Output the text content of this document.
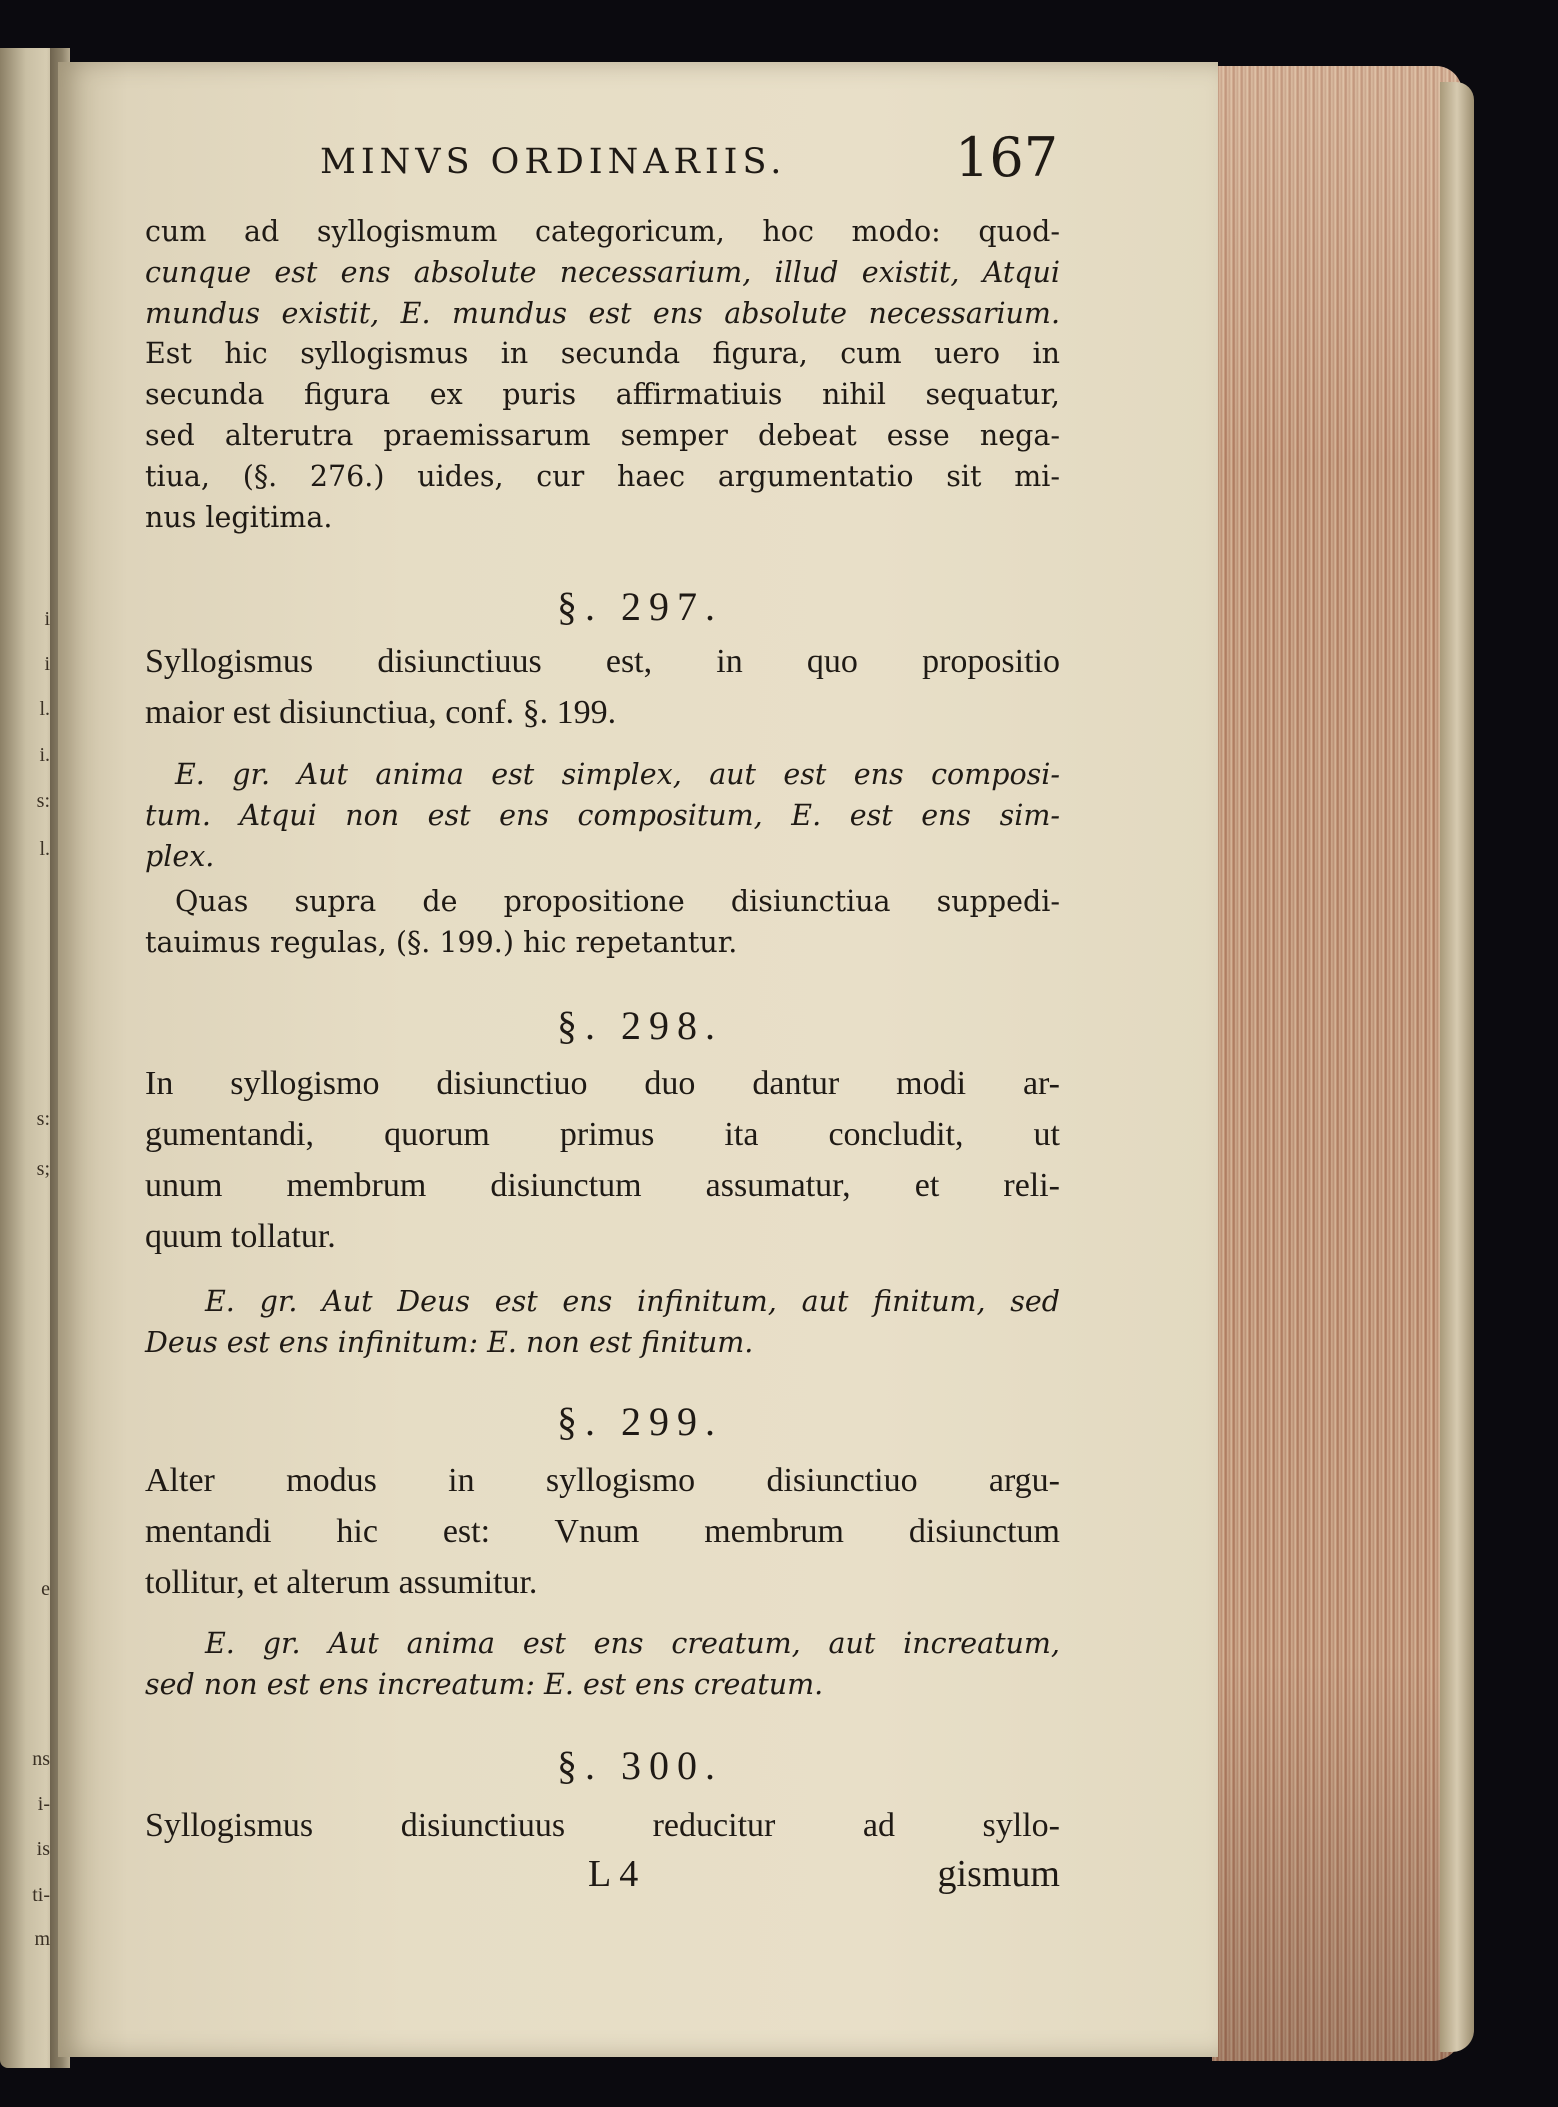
i
i
l.
i.
s:
l.
s:
s;
e
ns
i-
is
ti-
m
MINVS ORDINARIIS.	167
cum ad syllogismum categoricum, hoc modo: quod-
cunque est ens absolute necessarium, illud existit, Atqui
mundus existit, E. mundus est ens absolute necessarium.
Est hic syllogismus in secunda figura, cum uero in
secunda figura ex puris affirmatiuis nihil sequatur,
sed alterutra praemissarum semper debeat esse nega-
tiua, (§. 276.) uides, cur haec argumentatio sit mi-
nus legitima.
§. 297.
Syllogismus disiunctiuus est, in quo propositio
maior est disiunctiua, conf. §. 199.
E. gr. Aut anima est simplex, aut est ens composi-
tum. Atqui non est ens compositum, E. est ens sim-
plex.
Quas supra de propositione disiunctiua suppedi-
tauimus regulas, (§. 199.) hic repetantur.
§. 298.
In syllogismo disiunctiuo duo dantur modi ar-
gumentandi, quorum primus ita concludit, ut
unum membrum disiunctum assumatur, et reli-
quum tollatur.
E. gr. Aut Deus est ens infinitum, aut finitum, sed
Deus est ens infinitum: E. non est finitum.
§. 299.
Alter modus in syllogismo disiunctiuo argu-
mentandi hic est: Vnum membrum disiunctum
tollitur, et alterum assumitur.
E. gr. Aut anima est ens creatum, aut increatum,
sed non est ens increatum: E. est ens creatum.
§. 300.
Syllogismus disiunctiuus reducitur ad syllo-
L 4	gismum
